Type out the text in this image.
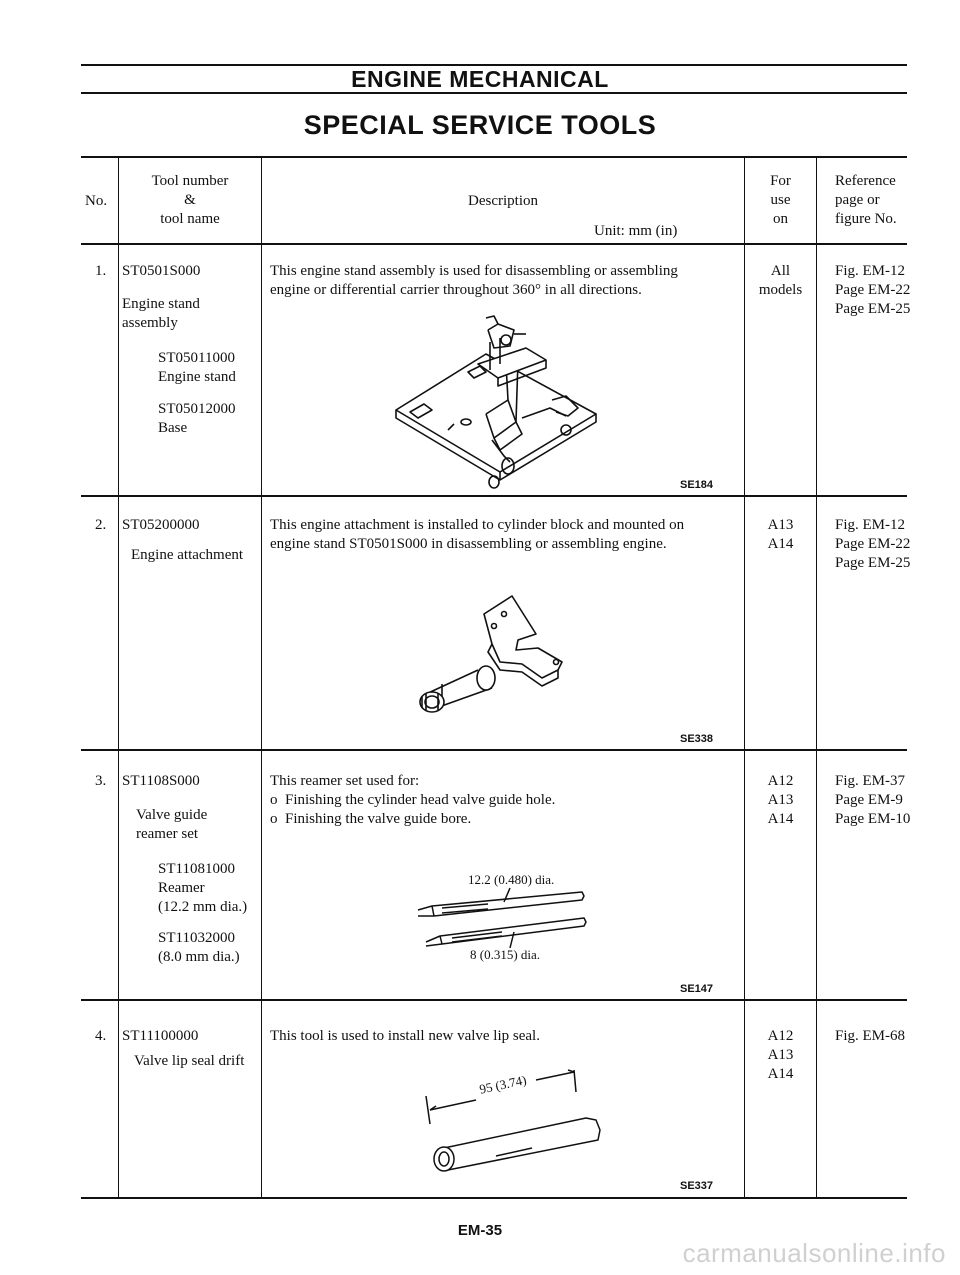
ENGINE MECHANICAL
SPECIAL SERVICE TOOLS
No.
Tool number
&
tool name
Description
Unit: mm (in)
For
use
on
Reference
page or
figure No.
1. ST0501S000
Engine stand
assembly
ST05011000
Engine stand
ST05012000
Base
This engine stand assembly is used for disassembling or assembling
engine or differential carrier throughout 360° in all directions.
SE184
All
models
Fig. EM-12
Page EM-22
Page EM-25
2. ST05200000
Engine attachment
This engine attachment is installed to cylinder block and mounted on
engine stand ST0501S000 in disassembling or assembling engine.
SE338
A13
A14
Fig. EM-12
Page EM-22
Page EM-25
3. ST1108S000
Valve guide
reamer set
ST11081000
Reamer
(12.2 mm dia.)
ST11032000
(8.0 mm dia.)
This reamer set used for:
o  Finishing the cylinder head valve guide hole.
o  Finishing the valve guide bore.
12.2 (0.480) dia.
8 (0.315) dia.
SE147
A12
A13
A14
Fig. EM-37
Page EM-9
Page EM-10
4. ST11100000
Valve lip seal drift
This tool is used to install new valve lip seal.
95 (3.74)
SE337
A12
A13
A14
Fig. EM-68
EM-35
carmanualsonline.info
